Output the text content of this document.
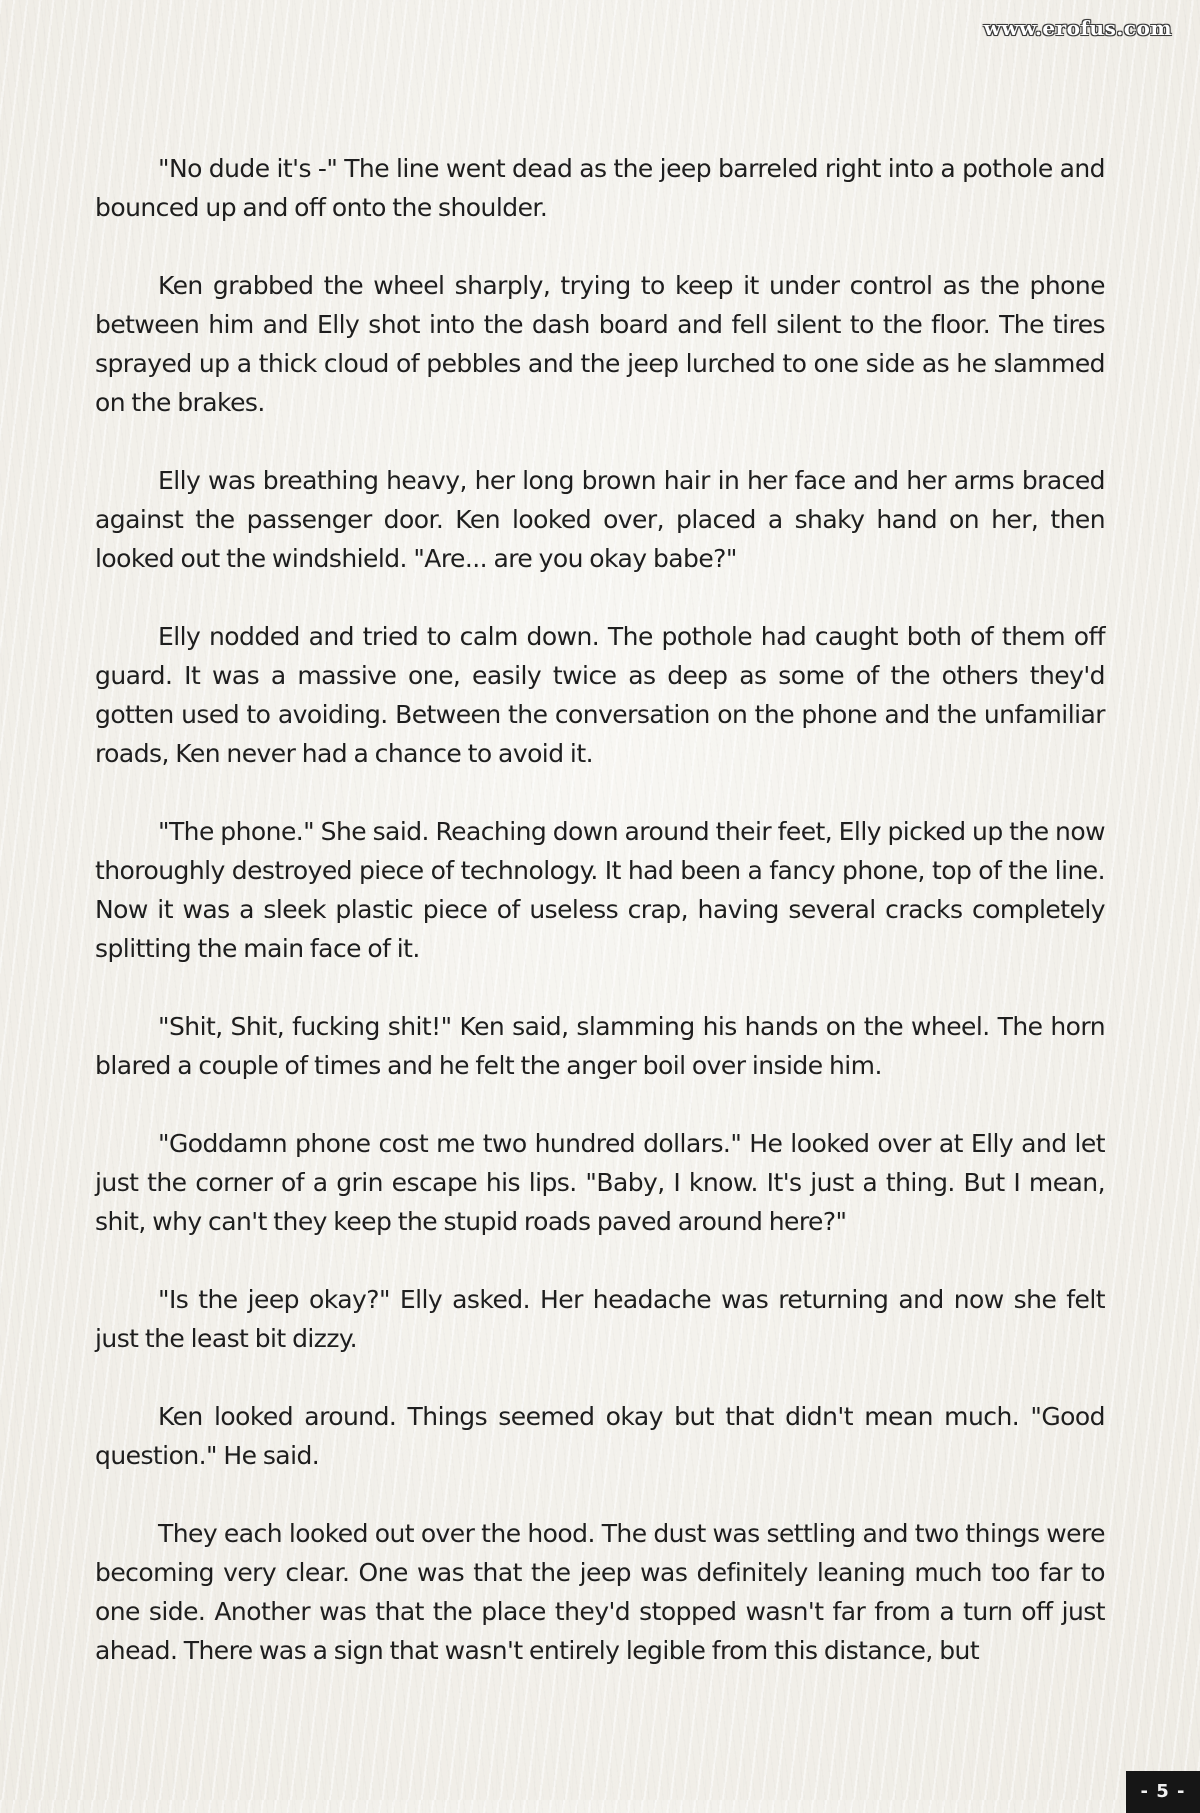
www.erofus.com

"No dude it's -" The line went dead as the jeep barreled right into a pothole and bounced up and off onto the shoulder.

Ken grabbed the wheel sharply, trying to keep it under control as the phone between him and Elly shot into the dash board and fell silent to the floor. The tires sprayed up a thick cloud of pebbles and the jeep lurched to one side as he slammed on the brakes.

Elly was breathing heavy, her long brown hair in her face and her arms braced against the passenger door. Ken looked over, placed a shaky hand on her, then looked out the windshield. "Are... are you okay babe?"

Elly nodded and tried to calm down. The pothole had caught both of them off guard. It was a massive one, easily twice as deep as some of the others they'd gotten used to avoiding. Between the conversation on the phone and the unfamiliar roads, Ken never had a chance to avoid it.

"The phone." She said. Reaching down around their feet, Elly picked up the now thoroughly destroyed piece of technology. It had been a fancy phone, top of the line. Now it was a sleek plastic piece of useless crap, having several cracks completely splitting the main face of it.

"Shit, Shit, fucking shit!" Ken said, slamming his hands on the wheel. The horn blared a couple of times and he felt the anger boil over inside him.

"Goddamn phone cost me two hundred dollars." He looked over at Elly and let just the corner of a grin escape his lips. "Baby, I know. It's just a thing. But I mean, shit, why can't they keep the stupid roads paved around here?"

"Is the jeep okay?" Elly asked. Her headache was returning and now she felt just the least bit dizzy.

Ken looked around. Things seemed okay but that didn't mean much. "Good question." He said.

They each looked out over the hood. The dust was settling and two things were becoming very clear. One was that the jeep was definitely leaning much too far to one side. Another was that the place they'd stopped wasn't far from a turn off just ahead. There was a sign that wasn't entirely legible from this distance, but

- 5 -
